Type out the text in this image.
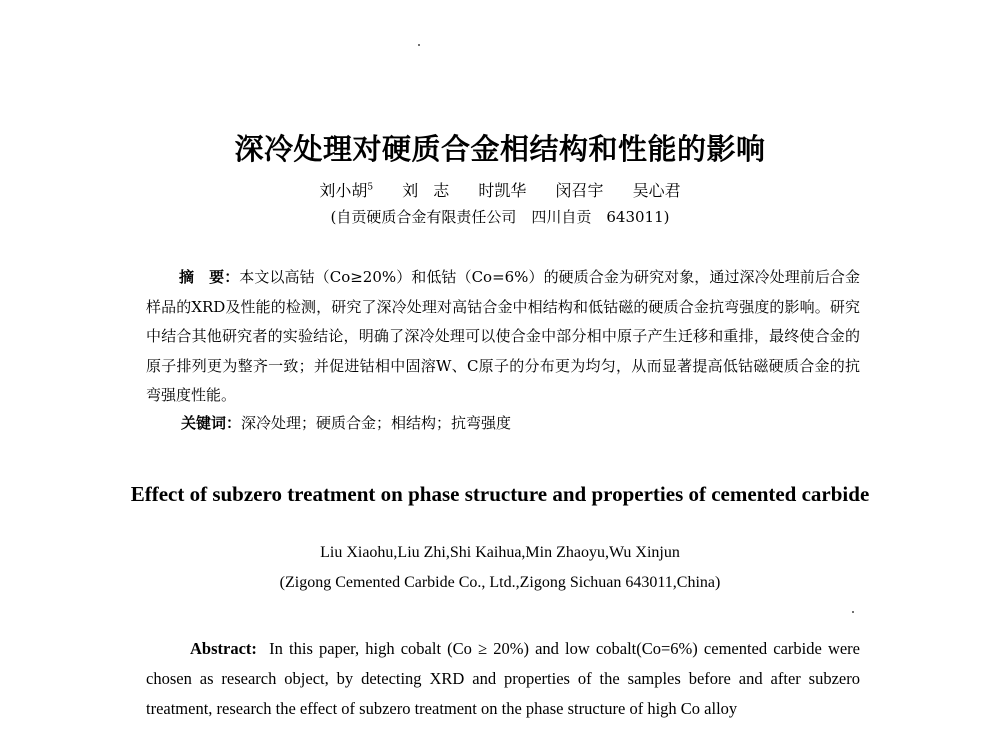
深冷处理对硬质合金相结构和性能的影响
刘小胡$^5$ 刘 志 时凯华 闵召宇 吴心君
(自贡硬质合金有限责任公司　四川自贡　643011)
摘　要：本文以高钴（Co≥20%）和低钴（Co=6%）的硬质合金为研究对象，通过深冷处理前后合金样品的XRD及性能的检测，研究了深冷处理对高钴合金中相结构和低钴磁的硬质合金抗弯强度的影响。研究中结合其他研究者的实验结论，明确了深冷处理可以使合金中部分相中原子产生迁移和重排，最终使合金的原子排列更为整齐一致；并促进钴相中固溶W、C原子的分布更为均匀，从而显著提高低钴磁硬质合金的抗弯强度性能。
关键词：深冷处理；硬质合金；相结构；抗弯强度
Effect of subzero treatment on phase structure and properties of cemented carbide
Liu Xiaohu,Liu Zhi,Shi Kaihua,Min Zhaoyu,Wu Xinjun
(Zigong Cemented Carbide Co., Ltd.,Zigong Sichuan 643011,China)
Abstract: In this paper, high cobalt (Co ≥ 20%) and low cobalt(Co=6%) cemented carbide were chosen as research object, by detecting XRD and properties of the samples before and after subzero treatment, research the effect of subzero treatment on the phase structure of high Co alloy
